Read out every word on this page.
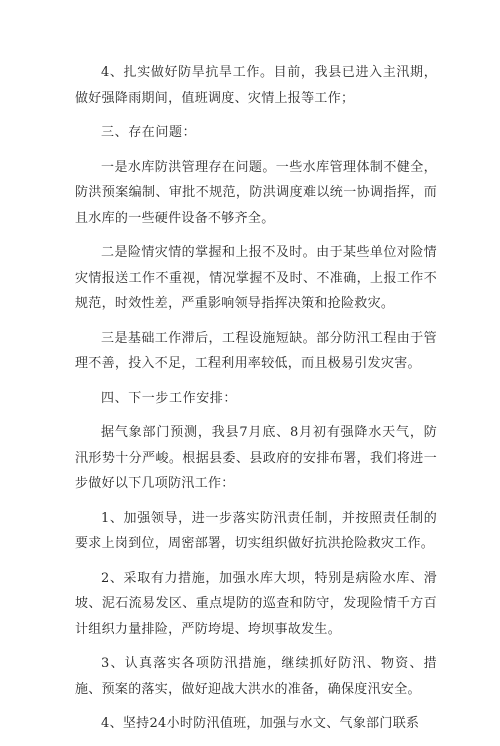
4、扎实做好防旱抗旱工作。目前，我县已进入主汛期，做好强降雨期间，值班调度、灾情上报等工作；

三、存在问题：

一是水库防洪管理存在问题。一些水库管理体制不健全，防洪预案编制、审批不规范，防洪调度难以统一协调指挥，而且水库的一些硬件设备不够齐全。

二是险情灾情的掌握和上报不及时。由于某些单位对险情灾情报送工作不重视，情况掌握不及时、不准确，上报工作不规范，时效性差，严重影响领导指挥决策和抢险救灾。

三是基础工作滞后，工程设施短缺。部分防汛工程由于管理不善，投入不足，工程利用率较低，而且极易引发灾害。

四、下一步工作安排：

据气象部门预测，我县7月底、8月初有强降水天气，防汛形势十分严峻。根据县委、县政府的安排布署，我们将进一步做好以下几项防汛工作：

1、加强领导，进一步落实防汛责任制，并按照责任制的要求上岗到位，周密部署，切实组织做好抗洪抢险救灾工作。

2、采取有力措施，加强水库大坝，特别是病险水库、滑坡、泥石流易发区、重点堤防的巡查和防守，发现险情千方百计组织力量排险，严防垮堤、垮坝事故发生。

3、认真落实各项防汛措施，继续抓好防汛、物资、措施、预案的落实，做好迎战大洪水的准备，确保度汛安全。

4、坚持24小时防汛值班，加强与水文、气象部门联系
